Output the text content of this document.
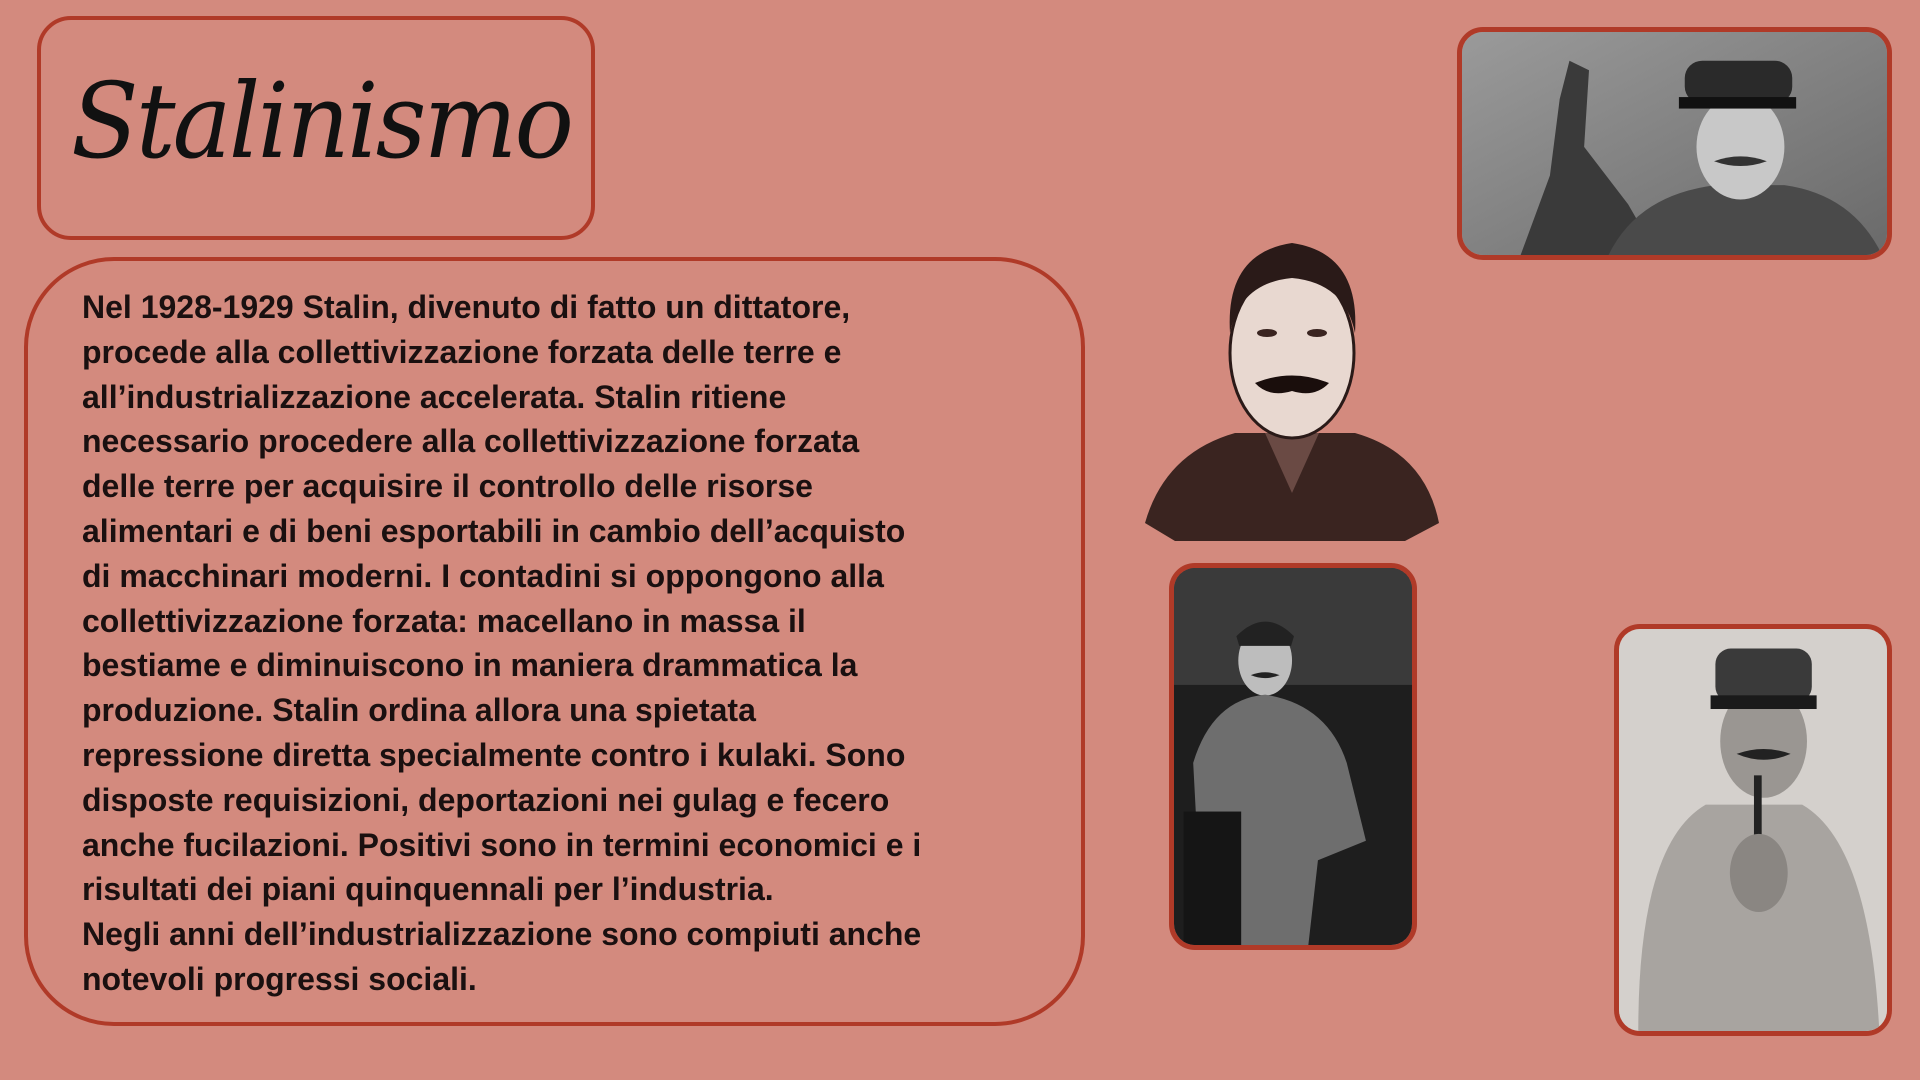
Stalinismo
Nel 1928-1929 Stalin, divenuto di fatto un dittatore,
procede alla collettivizzazione forzata delle terre e
all’industrializzazione accelerata. Stalin ritiene
necessario procedere alla collettivizzazione forzata
delle terre per acquisire il controllo delle risorse
alimentari e di beni esportabili in cambio dell’acquisto
di macchinari moderni. I contadini si oppongono alla
collettivizzazione forzata: macellano in massa il
bestiame e diminuiscono in maniera drammatica la
produzione. Stalin ordina allora una spietata
repressione diretta specialmente contro i kulaki. Sono
disposte requisizioni, deportazioni nei gulag e fecero
anche fucilazioni. Positivi sono in termini economici e i
risultati dei piani quinquennali per l’industria.
Negli anni dell’industrializzazione sono compiuti anche
notevoli progressi sociali.
